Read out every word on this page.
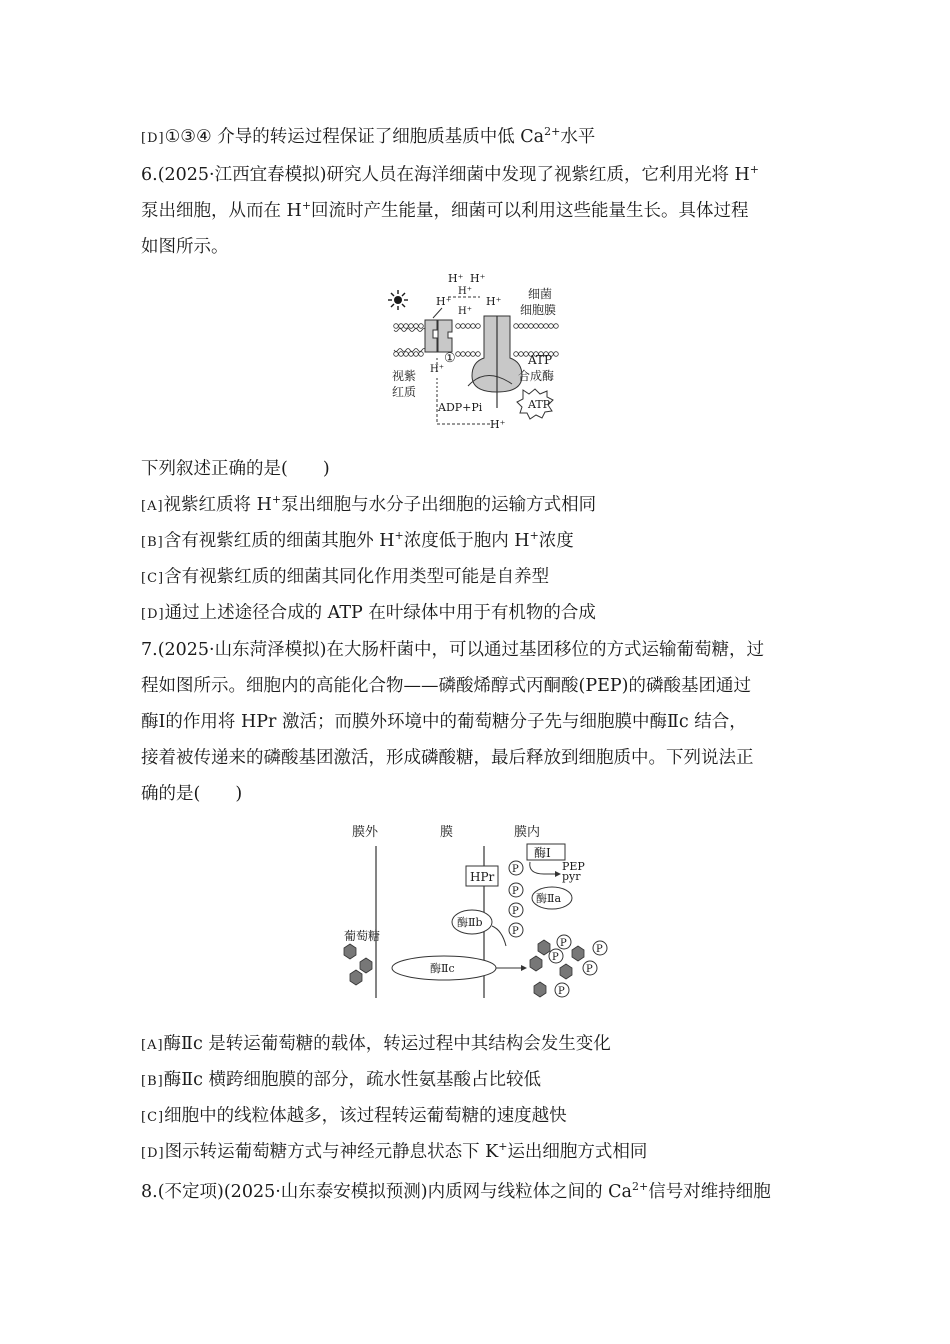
[D]①③④ 介导的转运过程保证了细胞质基质中低 $Ca^{2+}$水平
6.(2025·江西宜春模拟)研究人员在海洋细菌中发现了视紫红质，它利用光将 H+
泵出细胞，从而在 H+回流时产生能量，细菌可以利用这些能量生长。具体过程
如图所示。
H⁺ H⁺
H⁺
H⁺	H⁺
H⁺
细菌
细胞膜
①
H⁺
视紫
红质
ATP
合成酶
ADP+Pi	ATP
H⁺
下列叙述正确的是(　　)
[A]视紫红质将 H+泵出细胞与水分子出细胞的运输方式相同
[B]含有视紫红质的细菌其胞外 H+浓度低于胞内 H+浓度
[C]含有视紫红质的细菌其同化作用类型可能是自养型
[D]通过上述途径合成的 ATP 在叶绿体中用于有机物的合成
7.(2025·山东菏泽模拟)在大肠杆菌中，可以通过基团移位的方式运输葡萄糖，过
程如图所示。细胞内的高能化合物——磷酸烯醇式丙酮酸(PEP)的磷酸基团通过
酶Ⅰ的作用将 HPr 激活；而膜外环境中的葡萄糖分子先与细胞膜中酶Ⅱc 结合，
接着被传递来的磷酸基团激活，形成磷酸糖，最后释放到细胞质中。下列说法正
确的是(　　)
膜外	膜	膜内
酶Ⅰ
PEP
pyr
HPr
P
P
P
P
酶Ⅱa
酶Ⅱb
酶Ⅱc
葡萄糖
P
P
P
P
P
[A]酶Ⅱc 是转运葡萄糖的载体，转运过程中其结构会发生变化
[B]酶Ⅱc 横跨细胞膜的部分，疏水性氨基酸占比较低
[C]细胞中的线粒体越多，该过程转运葡萄糖的速度越快
[D]图示转运葡萄糖方式与神经元静息状态下 K+运出细胞方式相同
8.(不定项)(2025·山东泰安模拟预测)内质网与线粒体之间的 $Ca^{2+}$信号对维持细胞
